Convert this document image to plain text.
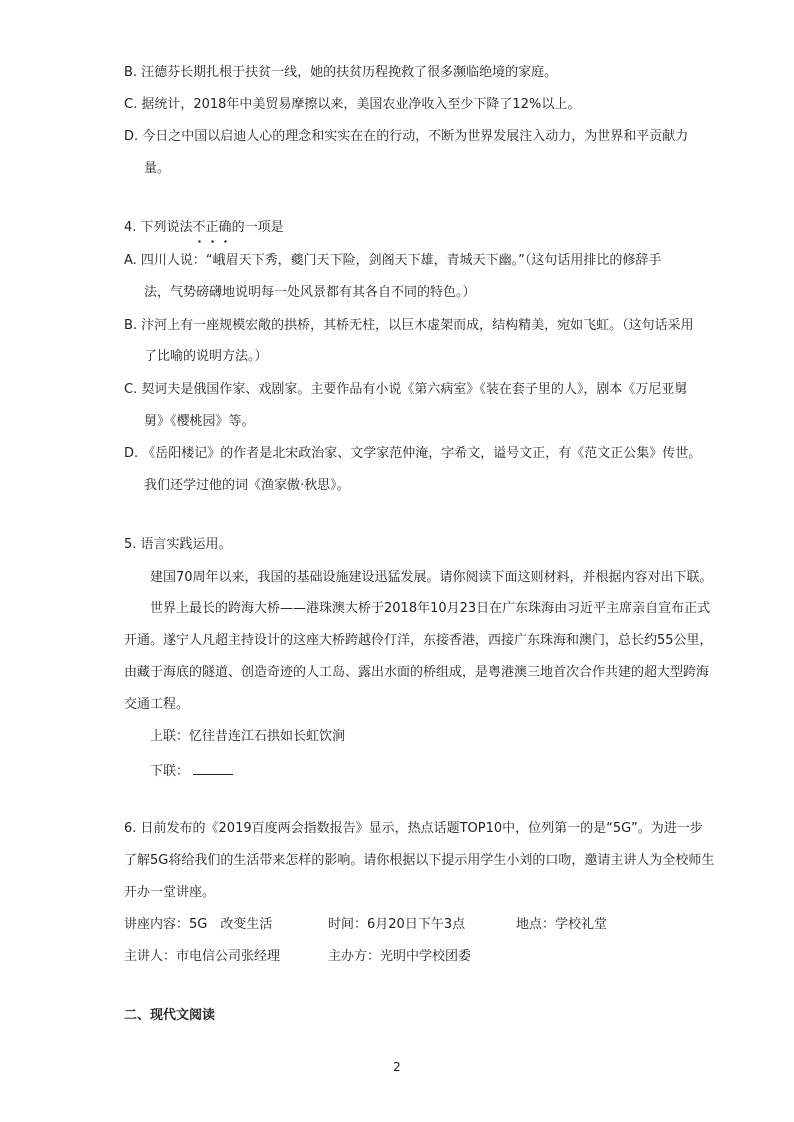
B. 汪德芬长期扎根于扶贫一线，她的扶贫历程挽救了很多濒临绝境的家庭。
C. 据统计，2018年中美贸易摩擦以来，美国农业净收入至少下降了12%以上。
D. 今日之中国以启迪人心的理念和实实在在的行动，不断为世界发展注入动力，为世界和平贡献力
量。
4. 下列说法不正确的一项是
A. 四川人说：“峨眉天下秀，夔门天下险，剑阁天下雄，青城天下幽。”（这句话用排比的修辞手
法，气势磅礴地说明每一处风景都有其各自不同的特色。）
B. 汴河上有一座规模宏敞的拱桥，其桥无柱，以巨木虚架而成，结构精美，宛如飞虹。（这句话采用
了比喻的说明方法。）
C. 契诃夫是俄国作家、戏剧家。主要作品有小说《第六病室》《装在套子里的人》，剧本《万尼亚舅
舅》《樱桃园》等。
D. 《岳阳楼记》的作者是北宋政治家、文学家范仲淹，字希文，谥号文正，有《范文正公集》传世。
我们还学过他的词《渔家傲·秋思》。
5. 语言实践运用。
建国70周年以来，我国的基础设施建设迅猛发展。请你阅读下面这则材料，并根据内容对出下联。
世界上最长的跨海大桥——港珠澳大桥于2018年10月23日在广东珠海由习近平主席亲自宣布正式
开通。遂宁人凡超主持设计的这座大桥跨越伶仃洋，东接香港，西接广东珠海和澳门，总长约55公里，
由藏于海底的隧道、创造奇迹的人工岛、露出水面的桥组成，是粤港澳三地首次合作共建的超大型跨海
交通工程。
上联：忆往昔连江石拱如长虹饮涧
下联：
6. 日前发布的《2019百度两会指数报告》显示，热点话题TOP10中，位列第一的是“5G”。为进一步
了解5G将给我们的生活带来怎样的影响。请你根据以下提示用学生小刘的口吻，邀请主讲人为全校师生
开办一堂讲座。
讲座内容：5G　改变生活	时间：6月20日下午3点	地点：学校礼堂
主讲人：市电信公司张经理	主办方：光明中学校团委
二、现代文阅读
2
